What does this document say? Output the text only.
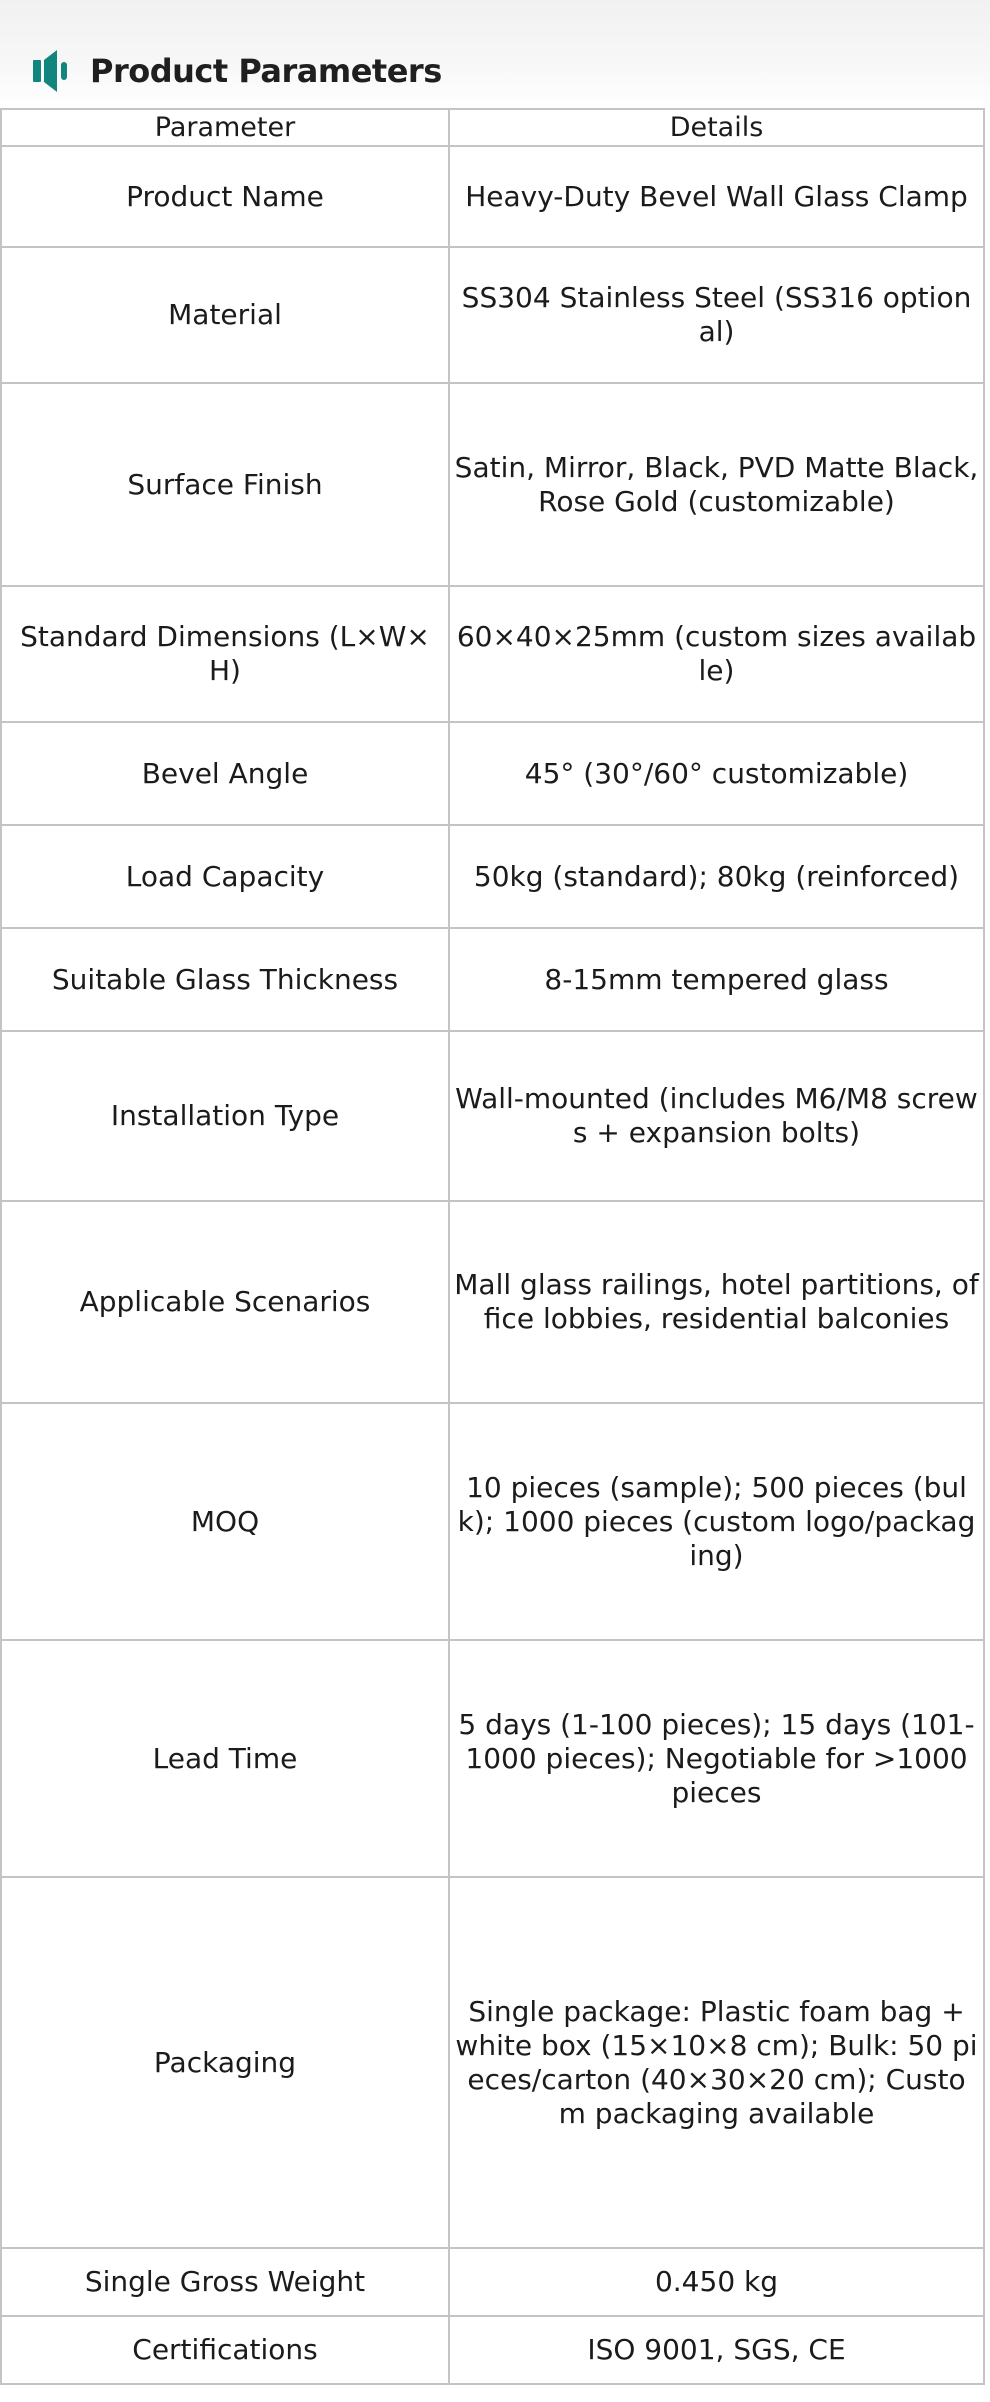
Product Parameters
Parameter	Details
Product Name	Heavy-Duty Bevel Wall Glass Clamp
Material	SS304 Stainless Steel (SS316 optional)
Surface Finish	Satin, Mirror, Black, PVD Matte Black, Rose Gold (customizable)
Standard Dimensions (L×W×H)	60×40×25mm (custom sizes available)
Bevel Angle	45° (30°/60° customizable)
Load Capacity	50kg (standard); 80kg (reinforced)
Suitable Glass Thickness	8-15mm tempered glass
Installation Type	Wall-mounted (includes M6/M8 screws + expansion bolts)
Applicable Scenarios	Mall glass railings, hotel partitions, office lobbies, residential balconies
MOQ	10 pieces (sample); 500 pieces (bulk); 1000 pieces (custom logo/packaging)
Lead Time	5 days (1-100 pieces); 15 days (101-1000 pieces); Negotiable for >1000 pieces
Packaging	Single package: Plastic foam bag + white box (15×10×8 cm); Bulk: 50 pieces/carton (40×30×20 cm); Custom packaging available
Single Gross Weight	0.450 kg
Certifications	ISO 9001, SGS, CE
